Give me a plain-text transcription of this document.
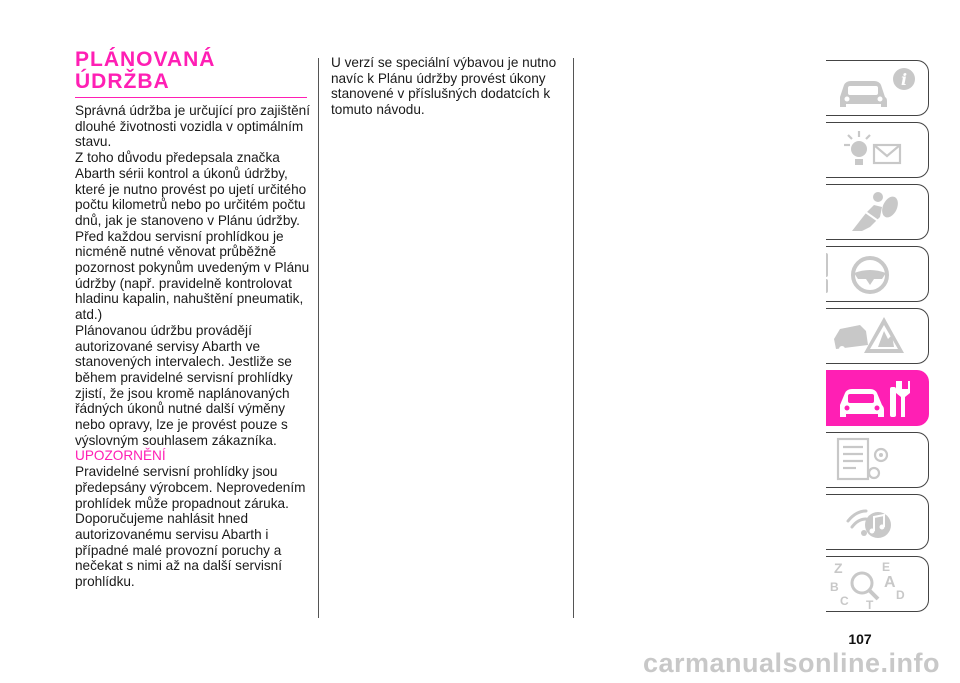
PLÁNOVANÁ
ÚDRŽBA

Správná údržba je určující pro zajištění
dlouhé životnosti vozidla v optimálním
stavu.

Z toho důvodu předepsala značka
Abarth sérii kontrol a úkonů údržby,
které je nutno provést po ujetí určitého
počtu kilometrů nebo po určitém počtu
dnů, jak je stanoveno v Plánu údržby.

Před každou servisní prohlídkou je
nicméně nutné věnovat průběžně
pozornost pokynům uvedeným v Plánu
údržby (např. pravidelně kontrolovat
hladinu kapalin, nahuštění pneumatik,
atd.)

Plánovanou údržbu provádějí
autorizované servisy Abarth ve
stanovených intervalech. Jestliže se
během pravidelné servisní prohlídky
zjistí, že jsou kromě naplánovaných
řádných úkonů nutné další výměny
nebo opravy, lze je provést pouze s
výslovným souhlasem zákazníka.

UPOZORNĚNÍ

Pravidelné servisní prohlídky jsou
předepsány výrobcem. Neprovedením
prohlídek může propadnout záruka.

Doporučujeme nahlásit hned
autorizovanému servisu Abarth i
případné malé provozní poruchy a
nečekat s nimi až na další servisní
prohlídku.

U verzí se speciální výbavou je nutno
navíc k Plánu údržby provést úkony
stanovené v příslušných dodatcích k
tomuto návodu.

i
Z	E
A
B
D
C T
107
carmanualsonline.info
